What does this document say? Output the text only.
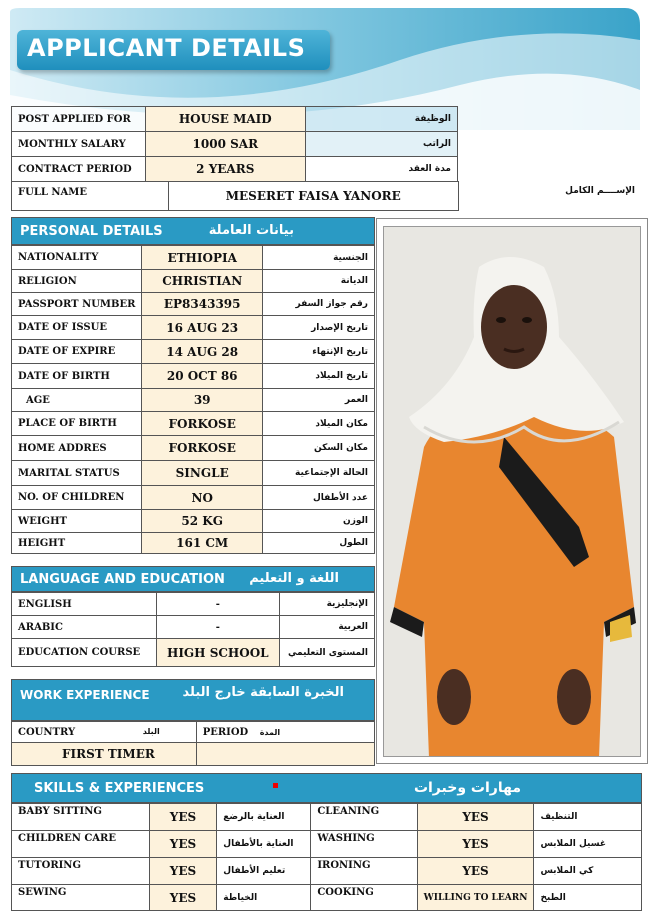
APPLICANT DETAILS
POST APPLIED FOR	HOUSE MAID	الوظيفة
MONTHLY SALARY	1000 SAR	الراتب
CONTRACT PERIOD	2 YEARS	مدة العقد
FULL NAME	MESERET FAISA YANORE	الإســــم الكامل
PERSONAL DETAILS	بيانات العاملة
NATIONALITY	ETHIOPIA	الجنسية
RELIGION	CHRISTIAN	الديانة
PASSPORT NUMBER	EP8343395	رقم جواز السفر
DATE OF ISSUE	16 AUG 23	تاريخ الإصدار
DATE OF EXPIRE	14 AUG 28	تاريخ الإنتهاء
DATE OF BIRTH	20 OCT 86	تاريخ الميلاد
AGE	39	العمر
PLACE OF BIRTH	FORKOSE	مكان الميلاد
HOME ADDRES	FORKOSE	مكان السكن
MARITAL STATUS	SINGLE	الحالة الإجتماعية
NO. OF CHILDREN	NO	عدد الأطفال
WEIGHT	52 KG	الوزن
HEIGHT	161 CM	الطول
LANGUAGE AND EDUCATION اللغة و التعليم
ENGLISH	-	الإنجليزية
ARABIC	-	العربية
EDUCATION COURSE	HIGH SCHOOL	المستوى التعليمي
WORK EXPERIENCE	الخبرة السابقة خارج البلد
COUNTRY البلد	PERIOD المدة
FIRST TIMER	
SKILLS & EXPERIENCES	مهارات وخبرات
BABY SITTING	YES	العناية بالرضع	CLEANING	YES	التنظيف
CHILDREN CARE	YES	العناية بالأطفال	WASHING	YES	غسيل الملابس
TUTORING	YES	تعليم الأطفال	IRONING	YES	كي الملابس
SEWING	YES	الخياطة	COOKING	WILLING TO LEARN	الطبخ
